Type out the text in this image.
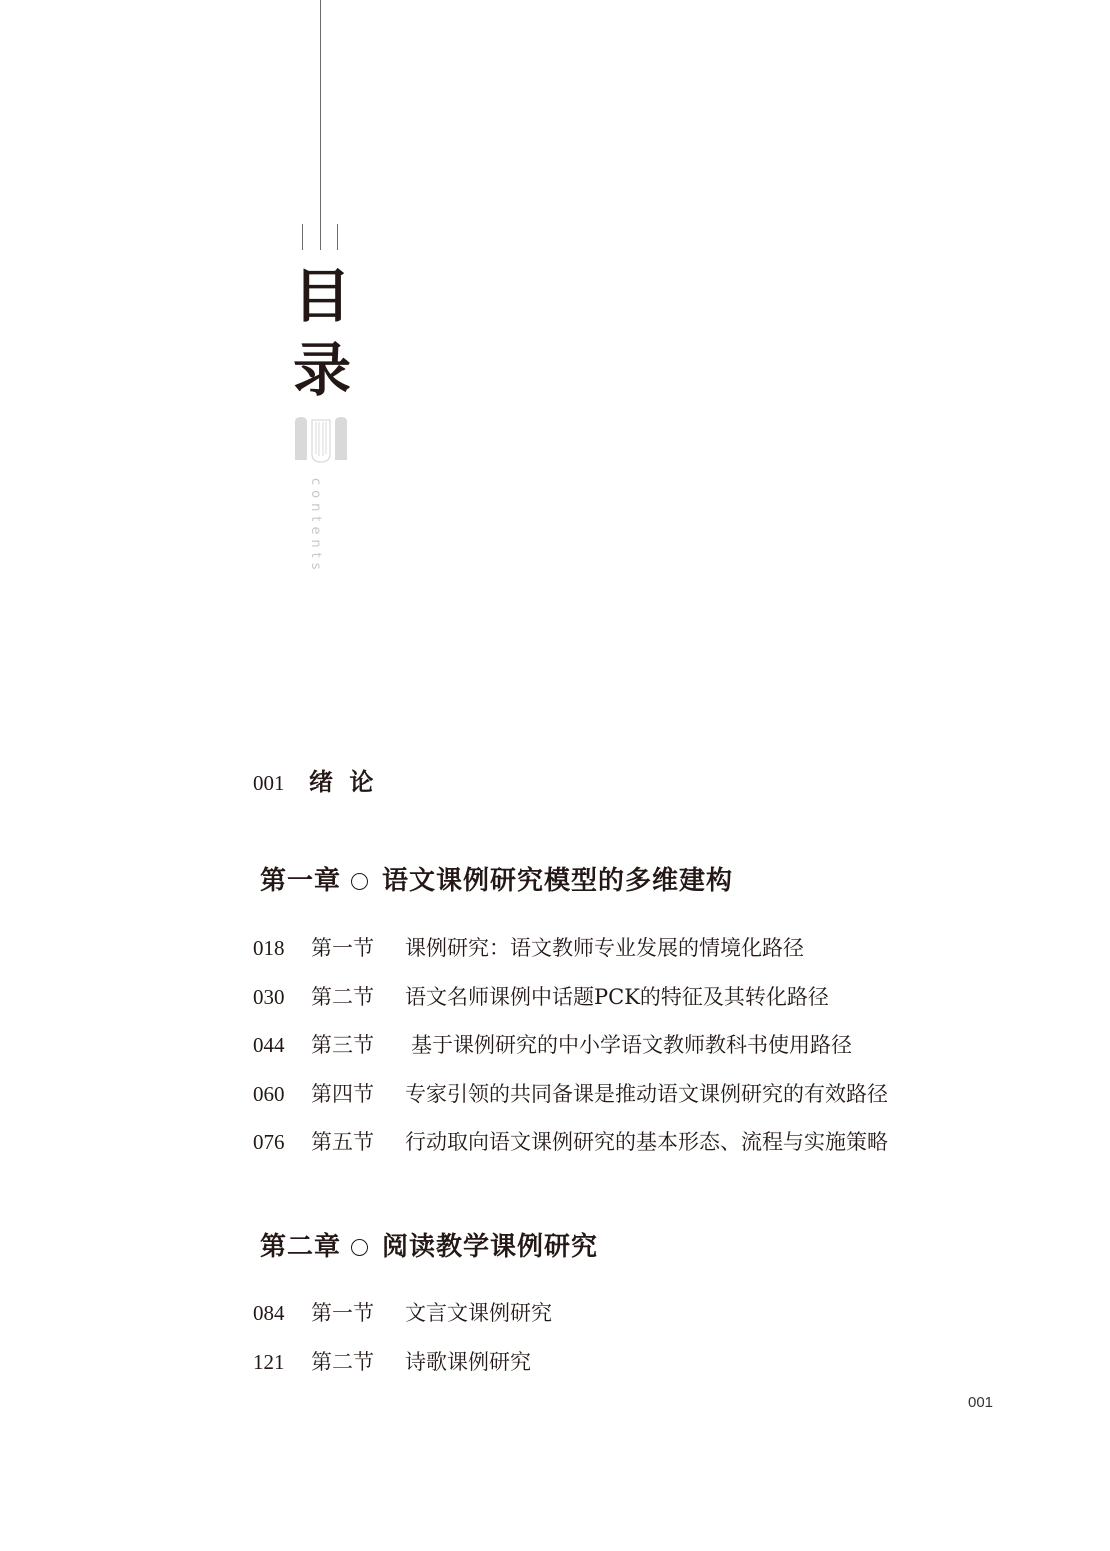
目
录
contents
001 绪 论
第一章 语文课例研究模型的多维建构
018 第一节 课例研究：语文教师专业发展的情境化路径
030 第二节 语文名师课例中话题PCK的特征及其转化路径
044 第三节 基于课例研究的中小学语文教师教科书使用路径
060 第四节 专家引领的共同备课是推动语文课例研究的有效路径
076 第五节 行动取向语文课例研究的基本形态、流程与实施策略
第二章 阅读教学课例研究
084 第一节 文言文课例研究
121 第二节 诗歌课例研究
001
